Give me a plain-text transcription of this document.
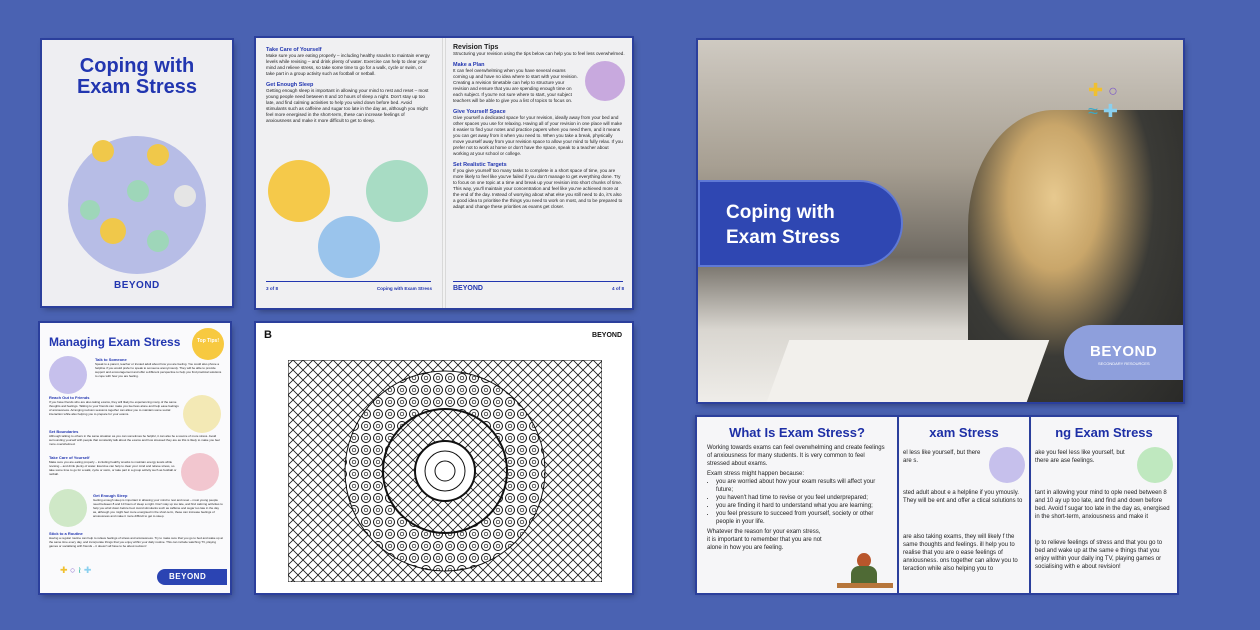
Coping with Exam Stress
BEYOND
Take Care of Yourself
Make sure you are eating properly – including healthy snacks to maintain energy levels while revising – and drink plenty of water. Exercise can help to clear your mind and relieve stress, so take some time to go for a walk, cycle or swim, or take part in a group activity such as football or netball.
Get Enough Sleep
Getting enough sleep is important in allowing your mind to rest and reset – most young people need between 8 and 10 hours of sleep a night. Don't stay up too late, and find calming activities to help you wind down before bed. Avoid stimulants such as caffeine and sugar too late in the day as, although you might feel more energised in the short-term, these can increase feelings of anxiousness and make it more difficult to get to sleep.
3 of 8	Coping with Exam Stress
Revision Tips
Structuring your revision using the tips below can help you to feel less overwhelmed.
Make a Plan
It can feel overwhelming when you have several exams coming up and have no idea where to start with your revision. Creating a revision timetable can help to structure your revision and ensure that you are spending enough time on each subject. If you're not sure where to start, your subject teachers will be able to give you a list of topics to focus on.
Give Yourself Space
Give yourself a dedicated space for your revision, ideally away from your bed and other spaces you use for relaxing. Having all of your revision in one place will make it easier to find your notes and practice papers when you need them, and it means you can get away from it when you need to. When you take a break, physically move yourself away from your revision space to allow your mind to fully relax. If you prefer not to work at home or don't have the space, speak to a teacher about working at your school or college.
Set Realistic Targets
If you give yourself too many tasks to complete in a short space of time, you are more likely to feel like you've failed if you don't manage to get everything done. Try to focus on one topic at a time and break up your revision into short chunks of time. This way, you'll maintain your concentration and feel like you've achieved more at the end of the day. Instead of worrying about what else you still need to do, it's also a good idea to prioritise the things you need to work on most, and to be prepared to adapt and change these priorities as exams get closer.
BEYOND	4 of 8
Managing Exam Stress	Top Tips!
Talk to Someone
Speak to a parent, teacher or trusted adult about how you are feeling. You could also phone a helpline if you would prefer to speak to someone anonymously. They will be able to provide support and encouragement and offer a different perspective to help you find practical solutions to cope with how you are feeling.
Reach Out to Friends
If you have friends who are also taking exams, they will likely be experiencing many of the same thoughts and feelings. Talking to your friends can make you feel less alone and help ease feelings of anxiousness. Arranging revision sessions together can allow you to maintain some social interaction while also helping you to prepare for your exams.
Set Boundaries
Although talking to others in the same situation as you can sometimes be helpful, it can also be a source of more stress. Avoid surrounding yourself with people that constantly talk about the exams and how stressed they are as this is likely to make you feel more overwhelmed.
Take Care of Yourself
Make sure you are eating properly – including healthy snacks to maintain energy levels while revising – and drink plenty of water. Exercise can help to clear your mind and relieve stress, so take some time to go for a walk, cycle or swim, or take part in a group activity such as football or netball.
Get Enough Sleep
Getting enough sleep is important in allowing your mind to rest and reset – most young people need between 8 and 10 hours of sleep a night. Don't stay up too late, and find calming activities to help you wind down before bed. Avoid stimulants such as caffeine and sugar too late in the day as, although you might feel more energised in the short-term, these can increase feelings of anxiousness and make it more difficult to get to sleep.
Stick to a Routine
Having a regular routine can help to relieve feelings of stress and anxiousness. Try to make sure that you go to bed and wake up at the same time every day, and incorporate things that you enjoy within your daily routine. This can include watching TV, playing games or socialising with friends – it doesn't all have to be about revision!
✚ ○ ≀ ✚
BEYOND
B	BEYOND
Coping with Exam Stress
BEYOND
SECONDARY RESOURCES
✚ ○
≈ ✚
ng Exam Stress
ake you feel less like yourself, but there are ase feelings.
tant in allowing your mind to ople need between 8 and 10 ay up too late, and find and down before bed. Avoid f sugar too late in the day as, energised in the short-term, anxiousness and make it
lp to relieve feelings of stress and that you go to bed and wake up at the same e things that you enjoy within your daily ing TV, playing games or socialising with e about revision!
xam Stress
el less like yourself, but there are s.
sted adult about e a helpline if you ymously. They will be ent and offer a ctical solutions to
are also taking exams, they will likely f the same thoughts and feelings. ill help you to realise that you are o ease feelings of anxiousness. ons together can allow you to teraction while also helping you to
What Is Exam Stress?
Working towards exams can feel overwhelming and create feelings of anxiousness for many students. It is very common to feel stressed about exams.
Exam stress might happen because:
• you are worried about how your exam results will affect your future;
• you haven't had time to revise or you feel underprepared;
• you are finding it hard to understand what you are learning;
• you feel pressure to succeed from yourself, society or other people in your life.
Whatever the reason for your exam stress, it is important to remember that you are not alone in how you are feeling.
